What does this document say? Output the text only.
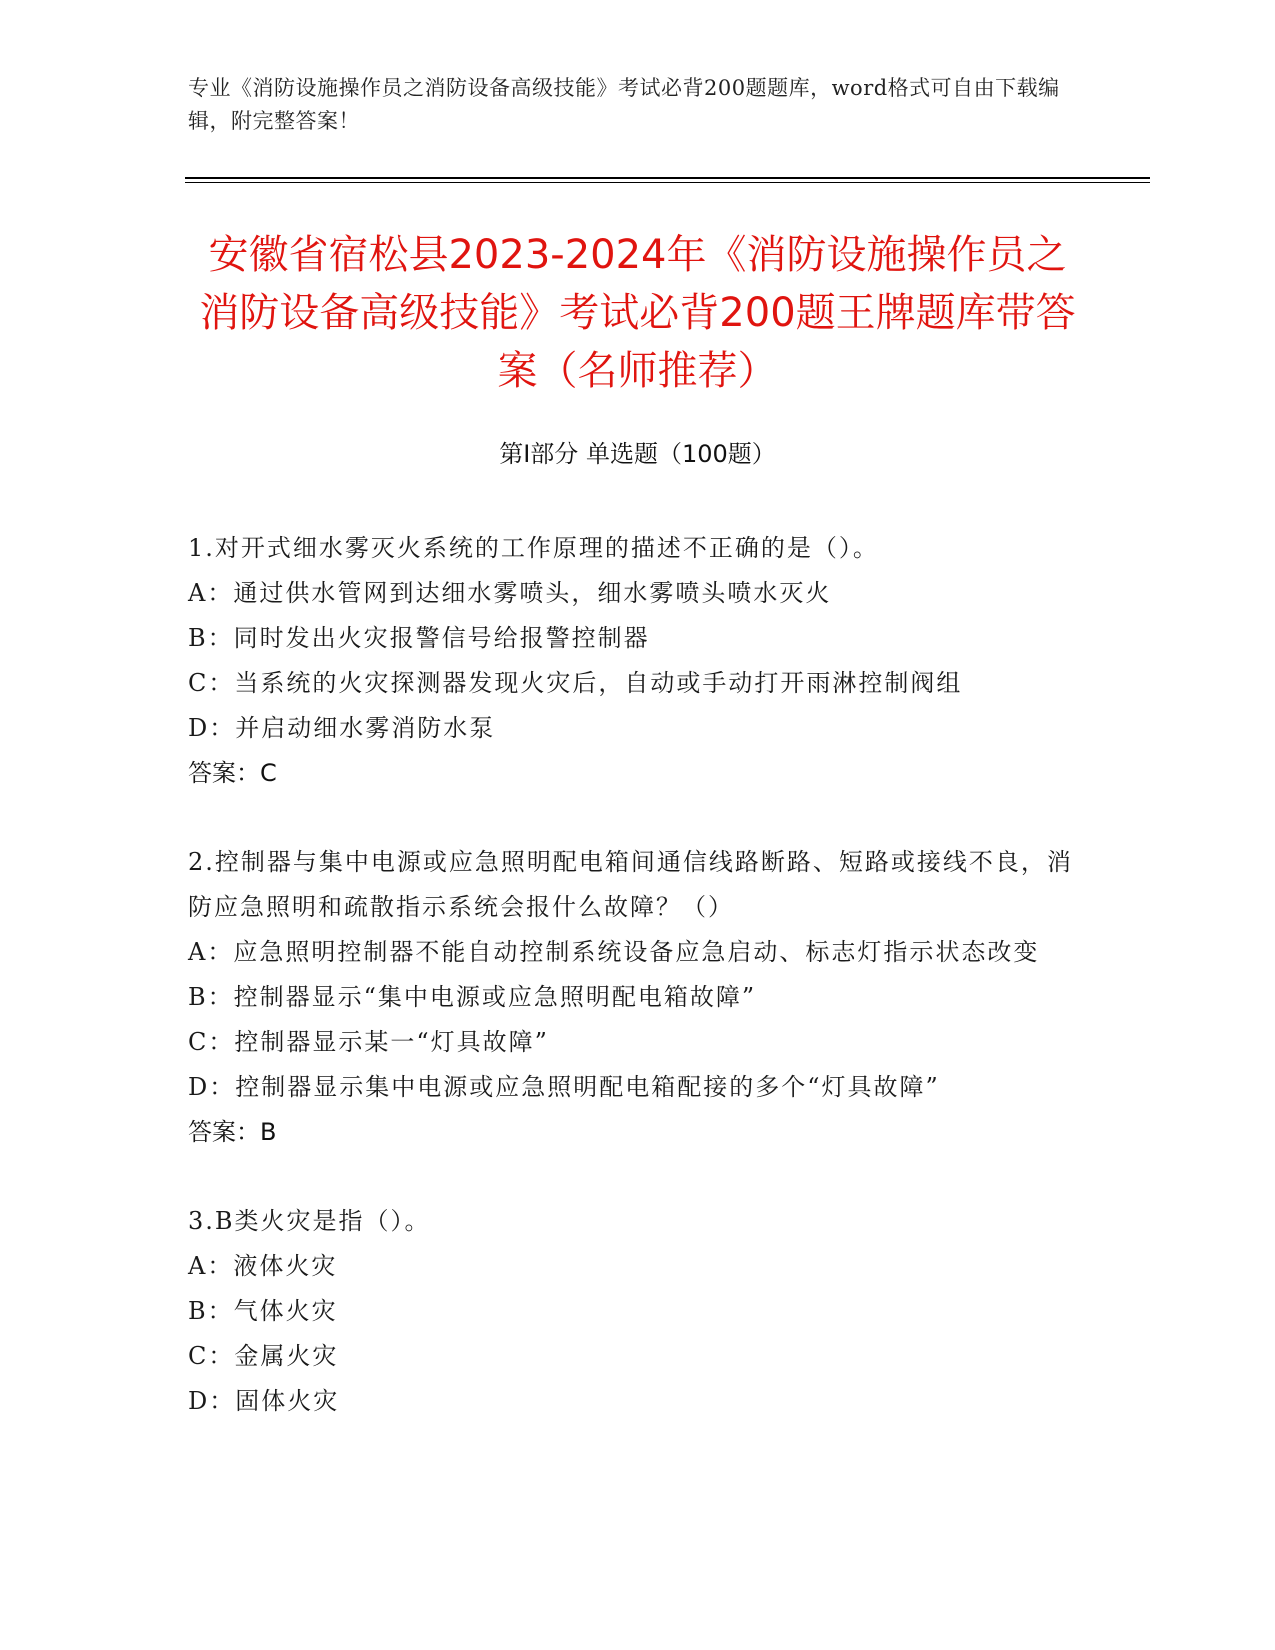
专业《消防设施操作员之消防设备高级技能》考试必背200题题库，word格式可自由下载编辑，附完整答案！
安徽省宿松县2023-2024年《消防设施操作员之消防设备高级技能》考试必背200题王牌题库带答案（名师推荐）
第Ⅰ部分 单选题（100题）
1.对开式细水雾灭火系统的工作原理的描述不正确的是（）。
A：通过供水管网到达细水雾喷头，细水雾喷头喷水灭火
B：同时发出火灾报警信号给报警控制器
C：当系统的火灾探测器发现火灾后，自动或手动打开雨淋控制阀组
D：并启动细水雾消防水泵
答案：C
2.控制器与集中电源或应急照明配电箱间通信线路断路、短路或接线不良，消防应急照明和疏散指示系统会报什么故障？（）
A：应急照明控制器不能自动控制系统设备应急启动、标志灯指示状态改变
B：控制器显示“集中电源或应急照明配电箱故障”
C：控制器显示某一“灯具故障”
D：控制器显示集中电源或应急照明配电箱配接的多个“灯具故障”
答案：B
3.B类火灾是指（）。
A：液体火灾
B：气体火灾
C：金属火灾
D：固体火灾
